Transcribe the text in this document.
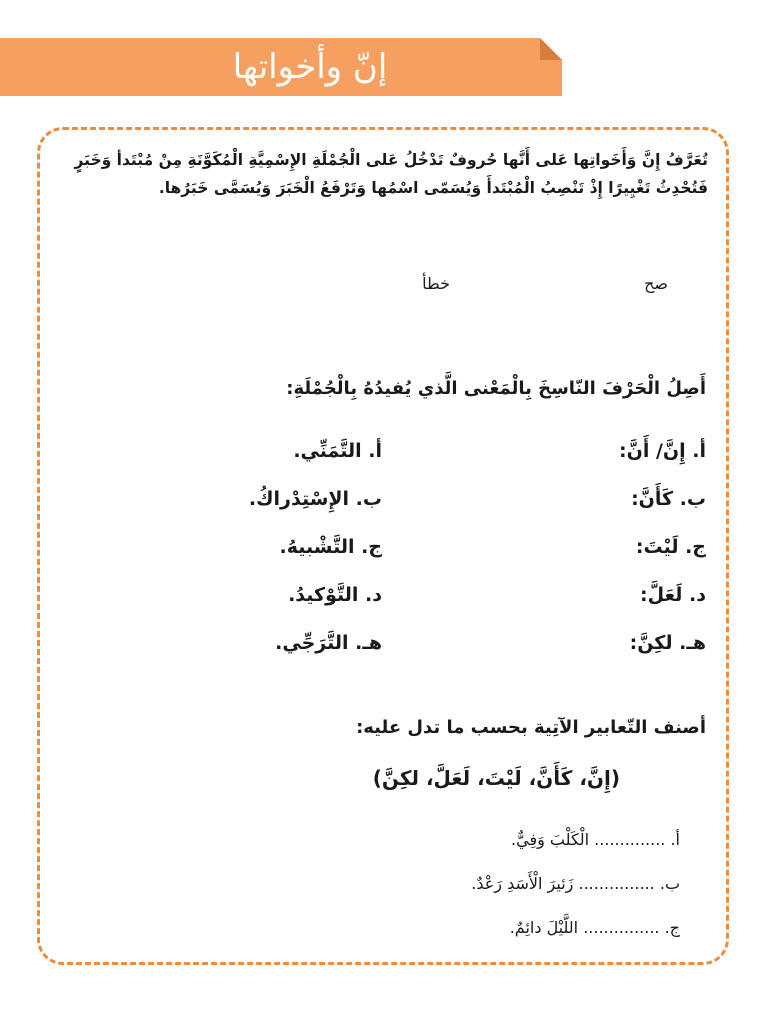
إنّ وأخواتها
تُعَرَّفُ إِنَّ وَأَخَواتِها عَلى أَنَّها حُروفٌ تَدْخُلُ عَلى الْجُمْلَةِ الإِسْمِيَّةِ الْمُكَوَّنَةِ مِنْ مُبْتَدأ وَخَبَرٍ
فَتُحْدِثُ تَغْيِيرًا إِذْ تَنْصِبُ الْمُبْتَدأَ وَيُسَمّى اسْمُها وَتَرْفَعُ الْخَبَرَ وَيُسَمَّى خَبَرُها.
صح
خطأ
أَصِلُ الْحَرْفَ النّاسِخَ بِالْمَعْنى الَّذي يُفيدُهُ بِالْجُمْلَةِ:
أ. إِنَّ/ أَنَّ:
ب. كَأَنَّ:
ج. لَيْتَ:
د. لَعَلَّ:
هـ. لكِنَّ:
أ. التَّمَنِّي.
ب. الإِسْتِدْراكُ.
ج. التَّشْبيهُ.
د. التَّوْكيدُ.
هـ. التَّرَجِّي.
أصنف التّعابير الآتِية بحسب ما تدل عليه:
(إِنَّ، كَأَنَّ، لَيْتَ، لَعَلَّ، لكِنَّ)
أ. .............. الْكَلْبَ وَفِيٌّ.
ب. ............... زَئيرَ الْأَسَدِ رَعْدٌ.
ج. ............... اللَّيْلَ دائِمٌ.
